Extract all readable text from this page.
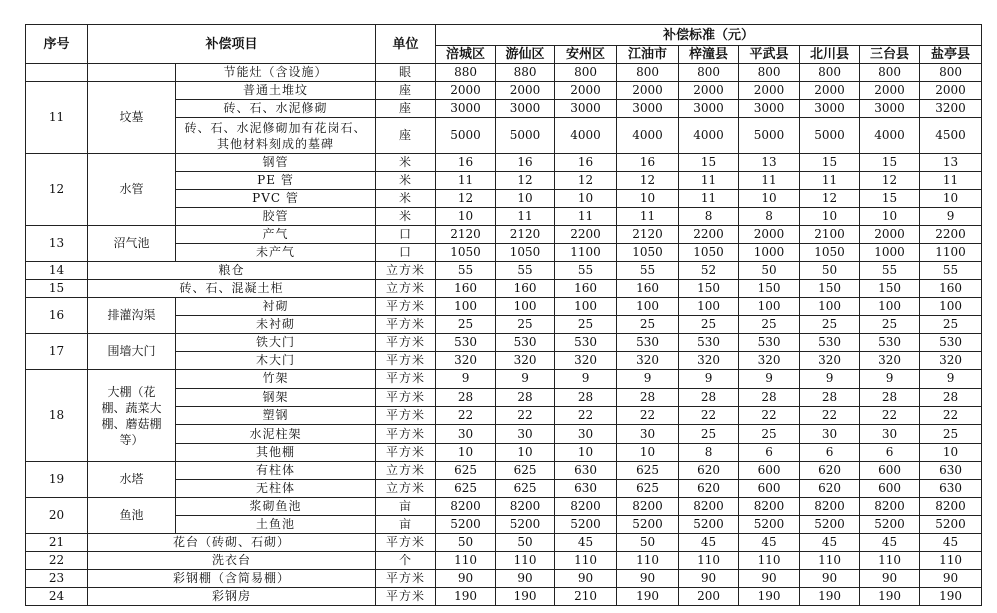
序号	补偿项目		单位	补偿标准（元）								
				涪城区	游仙区	安州区	江油市	梓潼县	平武县	北川县	三台县	盐亭县
		节能灶（含设施）	眼	880	880	800	800	800	800	800	800	800
11	坟墓	普通土堆坟	座	2000	2000	2000	2000	2000	2000	2000	2000	2000
		砖、石、水泥修砌	座	3000	3000	3000	3000	3000	3000	3000	3000	3200
		砖、石、水泥修砌加有花岗石、其他材料刻成的墓碑	座	5000	5000	4000	4000	4000	5000	5000	4000	4500
12	水管	钢管	米	16	16	16	16	15	13	15	15	13
		PE 管	米	11	12	12	12	11	11	11	12	11
		PVC 管	米	12	10	10	10	11	10	12	15	10
		胶管	米	10	11	11	11	8	8	10	10	9
13	沼气池	产气	口	2120	2120	2200	2120	2200	2000	2100	2000	2200
		未产气	口	1050	1050	1100	1050	1050	1000	1050	1000	1100
14	粮仓		立方米	55	55	55	55	52	50	50	55	55
15	砖、石、混凝土柜		立方米	160	160	160	160	150	150	150	150	160
16	排灌沟渠	衬砌	平方米	100	100	100	100	100	100	100	100	100
		未衬砌	平方米	25	25	25	25	25	25	25	25	25
17	围墙大门	铁大门	平方米	530	530	530	530	530	530	530	530	530
		木大门	平方米	320	320	320	320	320	320	320	320	320
18	大棚（花棚、蔬菜大棚、蘑菇棚等）	竹架	平方米	9	9	9	9	9	9	9	9	9
		钢架	平方米	28	28	28	28	28	28	28	28	28
		塑钢	平方米	22	22	22	22	22	22	22	22	22
		水泥柱架	平方米	30	30	30	30	25	25	30	30	25
		其他棚	平方米	10	10	10	10	8	6	6	6	10
19	水塔	有柱体	立方米	625	625	630	625	620	600	620	600	630
		无柱体	立方米	625	625	630	625	620	600	620	600	630
20	鱼池	浆砌鱼池	亩	8200	8200	8200	8200	8200	8200	8200	8200	8200
		土鱼池	亩	5200	5200	5200	5200	5200	5200	5200	5200	5200
21	花台（砖砌、石砌）		平方米	50	50	45	50	45	45	45	45	45
22	洗衣台		个	110	110	110	110	110	110	110	110	110
23	彩钢棚（含简易棚）		平方米	90	90	90	90	90	90	90	90	90
24	彩钢房		平方米	190	190	210	190	200	190	190	190	190
